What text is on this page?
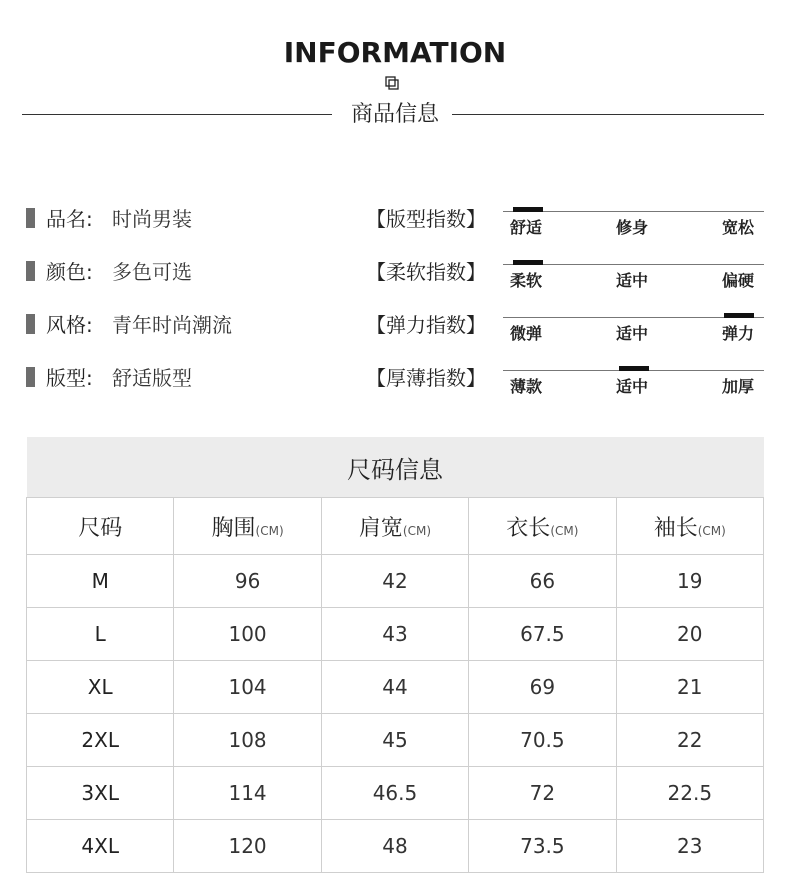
INFORMATION
商品信息
品名: 时尚男装
颜色: 多色可选
风格: 青年时尚潮流
版型: 舒适版型
【版型指数】 舒适	修身	宽松
【柔软指数】 柔软	适中	偏硬
【弹力指数】 微弹	适中	弹力
【厚薄指数】 薄款	适中	加厚
尺码信息				
尺码	胸围(CM)	肩宽(CM)	衣长(CM)	袖长(CM)
M	96	42	66	19
L	100	43	67.5	20
XL	104	44	69	21
2XL	108	45	70.5	22
3XL	114	46.5	72	22.5
4XL	120	48	73.5	23
